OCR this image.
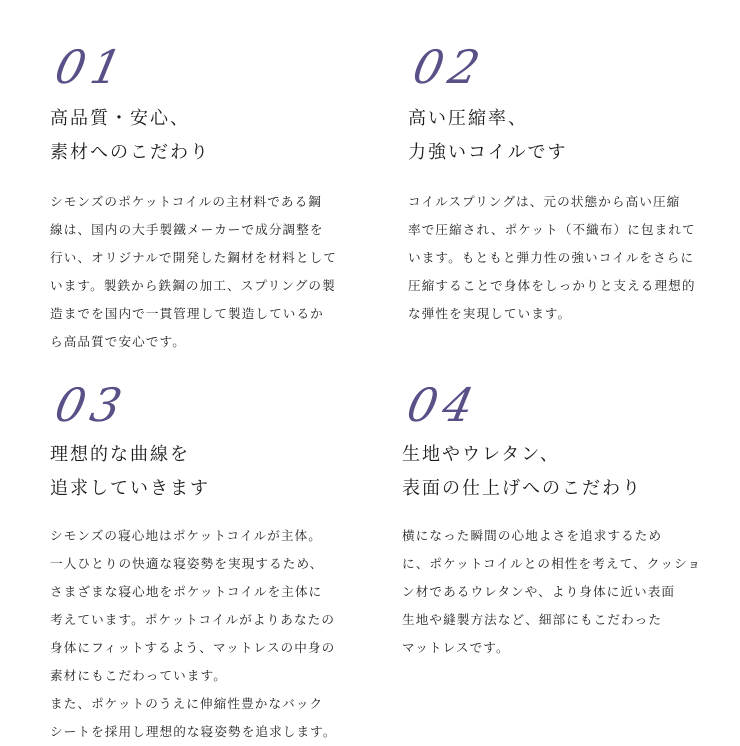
01
高品質・安心、
素材へのこだわり
シモンズのポケットコイルの主材料である鋼
線は、国内の大手製鐵メーカーで成分調整を
行い、オリジナルで開発した鋼材を材料として
います。製鉄から鉄鋼の加工、スプリングの製
造までを国内で一貫管理して製造しているか
ら高品質で安心です。
02
高い圧縮率、
力強いコイルです
コイルスプリングは、元の状態から高い圧縮
率で圧縮され、ポケット（不織布）に包まれて
います。もともと弾力性の強いコイルをさらに
圧縮することで身体をしっかりと支える理想的
な弾性を実現しています。
03
理想的な曲線を
追求していきます
シモンズの寝心地はポケットコイルが主体。
一人ひとりの快適な寝姿勢を実現するため、
さまざまな寝心地をポケットコイルを主体に
考えています。ポケットコイルがよりあなたの
身体にフィットするよう、マットレスの中身の
素材にもこだわっています。
また、ポケットのうえに伸縮性豊かなバック
シートを採用し理想的な寝姿勢を追求します。
04
生地やウレタン、
表面の仕上げへのこだわり
横になった瞬間の心地よさを追求するため
に、ポケットコイルとの相性を考えて、クッショ
ン材であるウレタンや、より身体に近い表面
生地や縫製方法など、細部にもこだわった
マットレスです。
